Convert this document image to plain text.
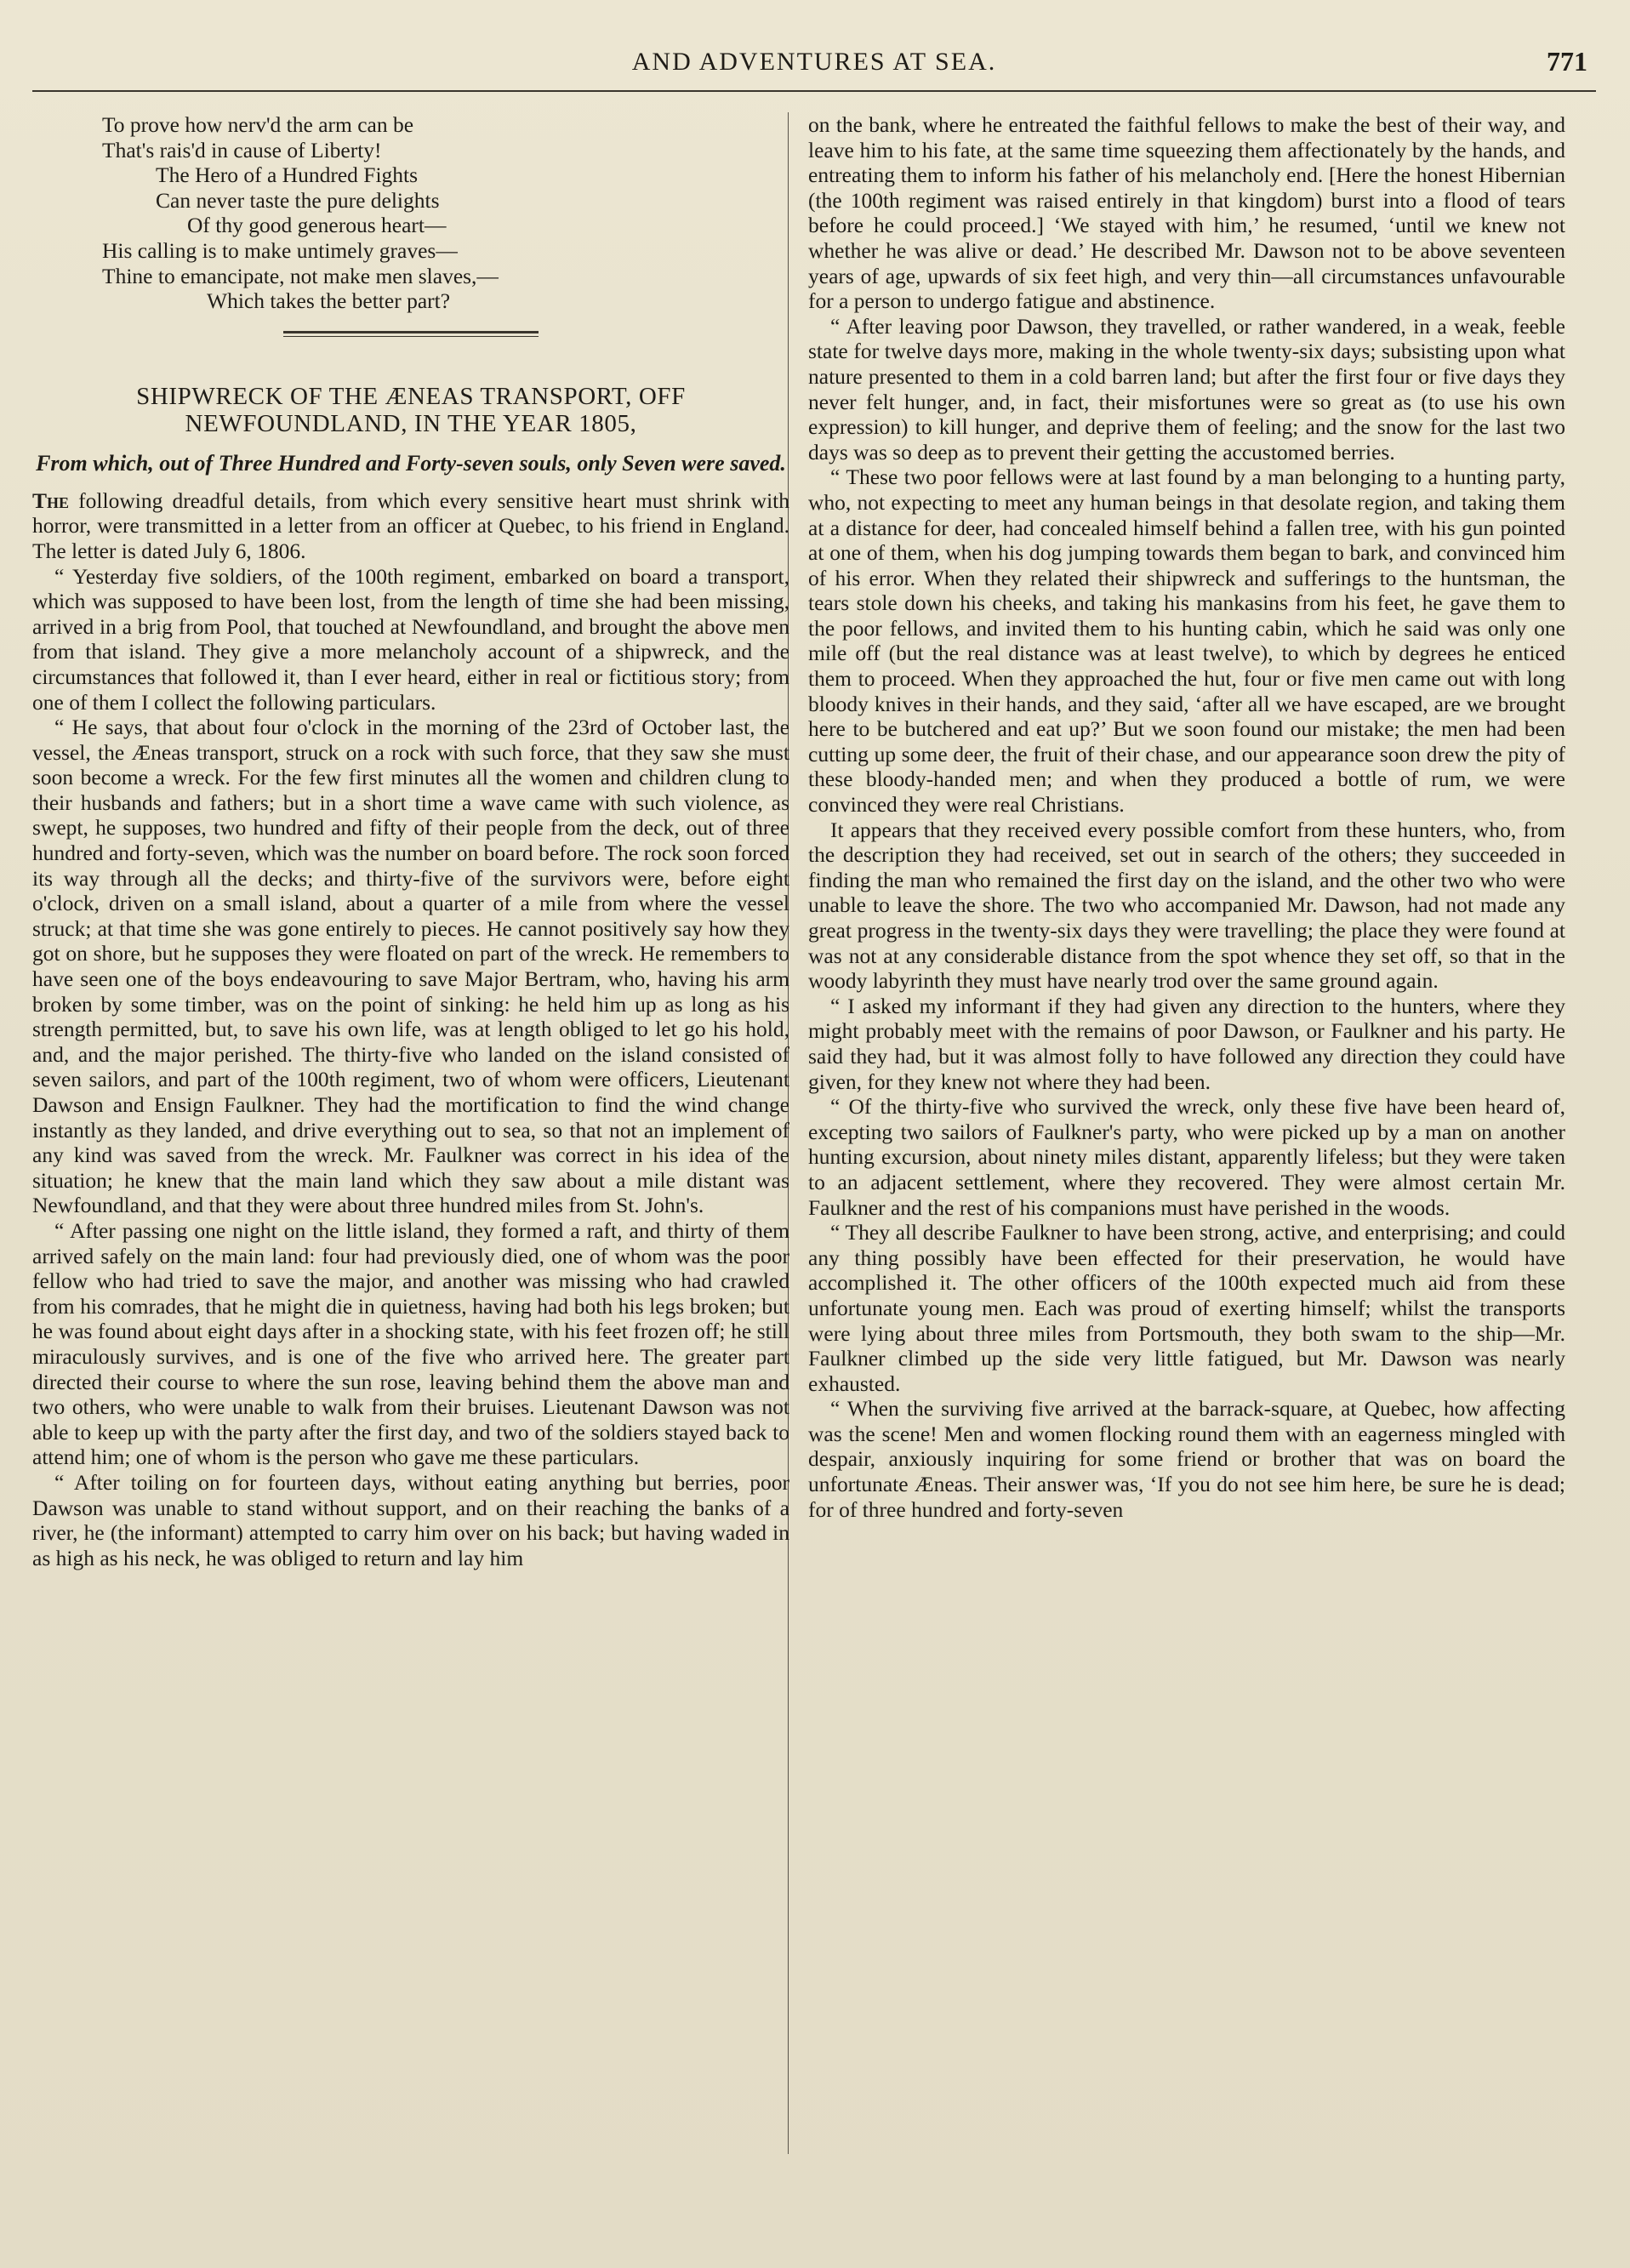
AND ADVENTURES AT SEA.	771
To prove how nerv'd the arm can be
That's rais'd in cause of Liberty!
The Hero of a Hundred Fights
Can never taste the pure delights
Of thy good generous heart—
His calling is to make untimely graves—
Thine to emancipate, not make men slaves,—
Which takes the better part?
SHIPWRECK OF THE ÆNEAS TRANSPORT, OFF NEWFOUNDLAND, IN THE YEAR 1805,
From which, out of Three Hundred and Forty-seven souls, only Seven were saved.

The following dreadful details, from which every sensitive heart must shrink with horror, were transmitted in a letter from an officer at Quebec, to his friend in England. The letter is dated July 6, 1806.

“ Yesterday five soldiers, of the 100th regiment, embarked on board a transport, which was supposed to have been lost, from the length of time she had been missing, arrived in a brig from Pool, that touched at Newfoundland, and brought the above men from that island. They give a more melancholy account of a shipwreck, and the circumstances that followed it, than I ever heard, either in real or fictitious story; from one of them I collect the following particulars.

“ He says, that about four o'clock in the morning of the 23rd of October last, the vessel, the Æneas transport, struck on a rock with such force, that they saw she must soon become a wreck. For the few first minutes all the women and children clung to their husbands and fathers; but in a short time a wave came with such violence, as swept, he supposes, two hundred and fifty of their people from the deck, out of three hundred and forty-seven, which was the number on board before. The rock soon forced its way through all the decks; and thirty-five of the survivors were, before eight o'clock, driven on a small island, about a quarter of a mile from where the vessel struck; at that time she was gone entirely to pieces. He cannot positively say how they got on shore, but he supposes they were floated on part of the wreck. He remembers to have seen one of the boys endeavouring to save Major Bertram, who, having his arm broken by some timber, was on the point of sinking: he held him up as long as his strength permitted, but, to save his own life, was at length obliged to let go his hold, and, and the major perished. The thirty-five who landed on the island consisted of seven sailors, and part of the 100th regiment, two of whom were officers, Lieutenant Dawson and Ensign Faulkner. They had the mortification to find the wind change instantly as they landed, and drive everything out to sea, so that not an implement of any kind was saved from the wreck. Mr. Faulkner was correct in his idea of the situation; he knew that the main land which they saw about a mile distant was Newfoundland, and that they were about three hundred miles from St. John's.

“ After passing one night on the little island, they formed a raft, and thirty of them arrived safely on the main land: four had previously died, one of whom was the poor fellow who had tried to save the major, and another was missing who had crawled from his comrades, that he might die in quietness, having had both his legs broken; but he was found about eight days after in a shocking state, with his feet frozen off; he still miraculously survives, and is one of the five who arrived here. The greater part directed their course to where the sun rose, leaving behind them the above man and two others, who were unable to walk from their bruises. Lieutenant Dawson was not able to keep up with the party after the first day, and two of the soldiers stayed back to attend him; one of whom is the person who gave me these particulars.

“ After toiling on for fourteen days, without eating anything but berries, poor Dawson was unable to stand without support, and on their reaching the banks of a river, he (the informant) attempted to carry him over on his back; but having waded in as high as his neck, he was obliged to return and lay him

on the bank, where he entreated the faithful fellows to make the best of their way, and leave him to his fate, at the same time squeezing them affectionately by the hands, and entreating them to inform his father of his melancholy end. [Here the honest Hibernian (the 100th regiment was raised entirely in that kingdom) burst into a flood of tears before he could proceed.] ‘We stayed with him,’ he resumed, ‘until we knew not whether he was alive or dead.’ He described Mr. Dawson not to be above seventeen years of age, upwards of six feet high, and very thin—all circumstances unfavourable for a person to undergo fatigue and abstinence.

“ After leaving poor Dawson, they travelled, or rather wandered, in a weak, feeble state for twelve days more, making in the whole twenty-six days; subsisting upon what nature presented to them in a cold barren land; but after the first four or five days they never felt hunger, and, in fact, their misfortunes were so great as (to use his own expression) to kill hunger, and deprive them of feeling; and the snow for the last two days was so deep as to prevent their getting the accustomed berries.

“ These two poor fellows were at last found by a man belonging to a hunting party, who, not expecting to meet any human beings in that desolate region, and taking them at a distance for deer, had concealed himself behind a fallen tree, with his gun pointed at one of them, when his dog jumping towards them began to bark, and convinced him of his error. When they related their shipwreck and sufferings to the huntsman, the tears stole down his cheeks, and taking his mankasins from his feet, he gave them to the poor fellows, and invited them to his hunting cabin, which he said was only one mile off (but the real distance was at least twelve), to which by degrees he enticed them to proceed. When they approached the hut, four or five men came out with long bloody knives in their hands, and they said, ‘after all we have escaped, are we brought here to be butchered and eat up?’ But we soon found our mistake; the men had been cutting up some deer, the fruit of their chase, and our appearance soon drew the pity of these bloody-handed men; and when they produced a bottle of rum, we were convinced they were real Christians.

It appears that they received every possible comfort from these hunters, who, from the description they had received, set out in search of the others; they succeeded in finding the man who remained the first day on the island, and the other two who were unable to leave the shore. The two who accompanied Mr. Dawson, had not made any great progress in the twenty-six days they were travelling; the place they were found at was not at any considerable distance from the spot whence they set off, so that in the woody labyrinth they must have nearly trod over the same ground again.

“ I asked my informant if they had given any direction to the hunters, where they might probably meet with the remains of poor Dawson, or Faulkner and his party. He said they had, but it was almost folly to have followed any direction they could have given, for they knew not where they had been.

“ Of the thirty-five who survived the wreck, only these five have been heard of, excepting two sailors of Faulkner's party, who were picked up by a man on another hunting excursion, about ninety miles distant, apparently lifeless; but they were taken to an adjacent settlement, where they recovered. They were almost certain Mr. Faulkner and the rest of his companions must have perished in the woods.

“ They all describe Faulkner to have been strong, active, and enterprising; and could any thing possibly have been effected for their preservation, he would have accomplished it. The other officers of the 100th expected much aid from these unfortunate young men. Each was proud of exerting himself; whilst the transports were lying about three miles from Portsmouth, they both swam to the ship—Mr. Faulkner climbed up the side very little fatigued, but Mr. Dawson was nearly exhausted.

“ When the surviving five arrived at the barrack-square, at Quebec, how affecting was the scene! Men and women flocking round them with an eagerness mingled with despair, anxiously inquiring for some friend or brother that was on board the unfortunate Æneas. Their answer was, ‘If you do not see him here, be sure he is dead; for of three hundred and forty-seven
